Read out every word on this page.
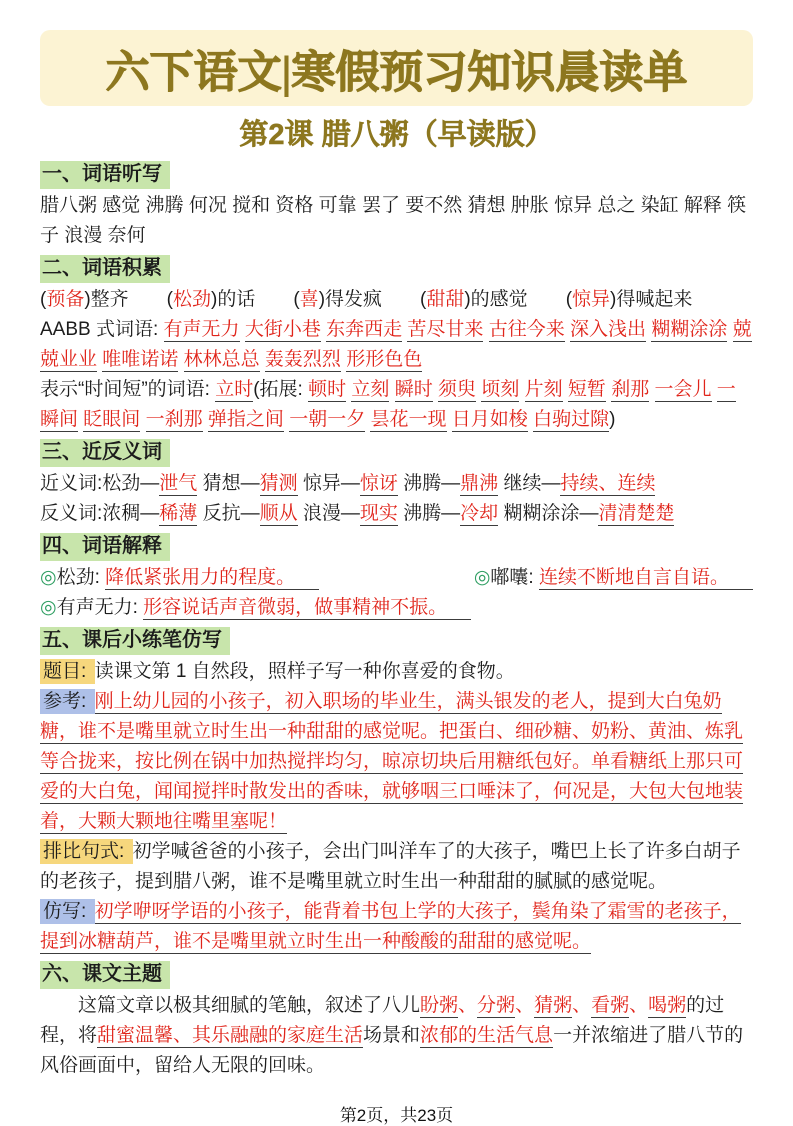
六下语文|寒假预习知识晨读单
第2课 腊八粥（早读版）
一、词语听写

腊八粥 感觉 沸腾 何况 搅和 资格 可靠 罢了 要不然 猜想 肿胀 惊异 总之 染缸 解释 筷子 浪漫 奈何

二、词语积累

(预备)整齐　　(松劲)的话　　(喜)得发疯　　(甜甜)的感觉　　(惊异)得喊起来

AABB 式词语: 有声无力 大街小巷 东奔西走 苦尽甘来 古往今来 深入浅出 糊糊涂涂 兢兢业业 唯唯诺诺 林林总总 轰轰烈烈 形形色色

表示“时间短”的词语: 立时(拓展: 顿时 立刻 瞬时 须臾 顷刻 片刻 短暂 刹那 一会儿 一瞬间 眨眼间 一刹那 弹指之间 一朝一夕 昙花一现 日月如梭 白驹过隙)

三、近反义词

近义词:松劲—泄气 猜想—猜测 惊异—惊讶 沸腾—鼎沸 继续—持续、连续

反义词:浓稠—稀薄 反抗—顺从 浪漫—现实 沸腾—冷却 糊糊涂涂—清清楚楚

四、词语解释

◎松劲: 降低紧张用力的程度。	◎嘟囔: 连续不断地自言自语。

◎有声无力: 形容说话声音微弱，做事精神不振。

五、课后小练笔仿写

题目: 读课文第 1 自然段，照样子写一种你喜爱的食物。

参考: 刚上幼儿园的小孩子，初入职场的毕业生，满头银发的老人，提到大白兔奶糖，谁不是嘴里就立时生出一种甜甜的感觉呢。把蛋白、细砂糖、奶粉、黄油、炼乳等合拢来，按比例在锅中加热搅拌均匀，晾凉切块后用糖纸包好。单看糖纸上那只可爱的大白兔，闻闻搅拌时散发出的香味，就够咽三口唾沫了，何况是，大包大包地装着，大颗大颗地往嘴里塞呢！

排比句式: 初学喊爸爸的小孩子，会出门叫洋车了的大孩子，嘴巴上长了许多白胡子的老孩子，提到腊八粥，谁不是嘴里就立时生出一种甜甜的腻腻的感觉呢。

仿写: 初学咿呀学语的小孩子，能背着书包上学的大孩子，鬓角染了霜雪的老孩子，提到冰糖葫芦，谁不是嘴里就立时生出一种酸酸的甜甜的感觉呢。

六、课文主题

这篇文章以极其细腻的笔触，叙述了八儿盼粥、分粥、猜粥、看粥、喝粥的过程，将甜蜜温馨、其乐融融的家庭生活场景和浓郁的生活气息一并浓缩进了腊八节的风俗画面中，留给人无限的回味。

第2页，共23页
